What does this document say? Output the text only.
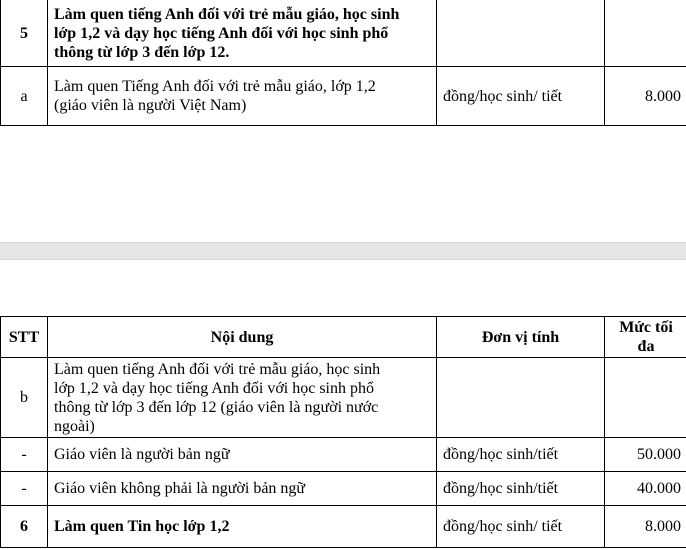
5	Làm quen tiếng Anh đối với trẻ mẫu giáo, học sinh
lớp 1,2 và dạy học tiếng Anh đối với học sinh phổ
thông từ lớp 3 đến lớp 12.		

a	Làm quen Tiếng Anh đối với trẻ mẫu giáo, lớp 1,2
(giáo viên là người Việt Nam)	đồng/học sinh/ tiết	8.000
STT	Nội dung	Đơn vị tính	Mức tối
đa

b	Làm quen tiếng Anh đối với trẻ mẫu giáo, học sinh
lớp 1,2 và dạy học tiếng Anh đối với học sinh phổ
thông từ lớp 3 đến lớp 12 (giáo viên là người nước
ngoài)		

-	Giáo viên là người bản ngữ	đồng/học sinh/tiết	50.000
-	Giáo viên không phải là người bản ngữ	đồng/học sinh/tiết	40.000
6	Làm quen Tin học lớp 1,2	đồng/học sinh/ tiết	8.000
